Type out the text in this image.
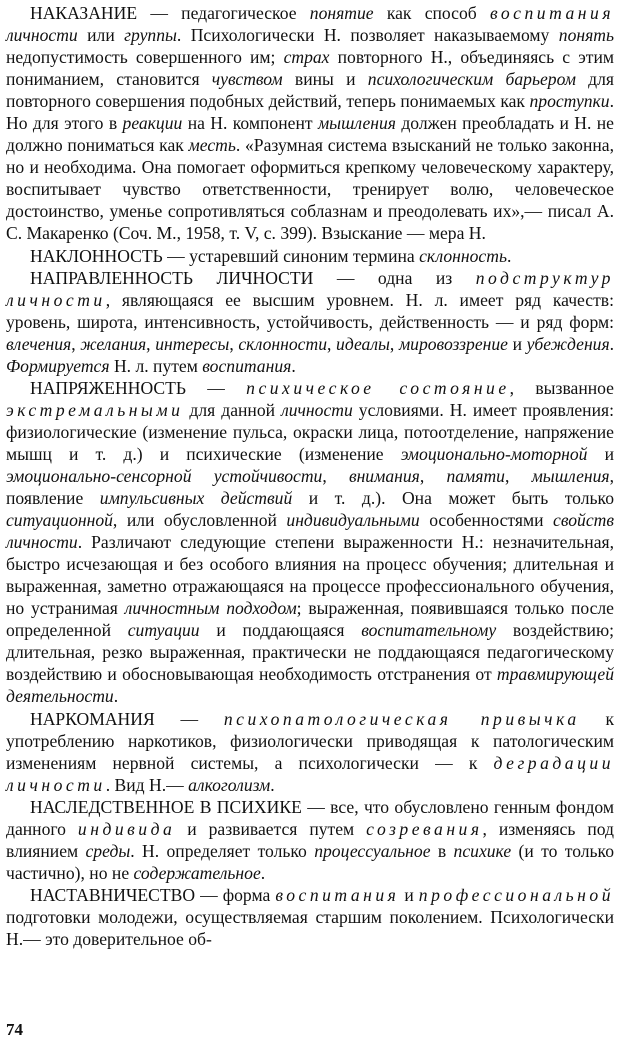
НАКАЗАНИЕ — педагогическое понятие как способ воспитания личности или группы. Психологически Н. позволяет наказываемому понять недопустимость совершенного им; страх повторного Н., объединяясь с этим пониманием, становится чувством вины и психологическим барьером для повторного совершения подобных действий, теперь понимаемых как проступки. Но для этого в реакции на Н. компонент мышления должен преобладать и Н. не должно пониматься как месть. «Разумная система взысканий не только законна, но и необходима. Она помогает оформиться крепкому человеческому характеру, воспитывает чувство ответственности, тренирует волю, человеческое достоинство, уменье сопротивляться соблазнам и преодолевать их»,— писал А. С. Макаренко (Соч. М., 1958, т. V, с. 399). Взыскание — мера Н.

НАКЛОННОСТЬ — устаревший синоним термина склонность.

НАПРАВЛЕННОСТЬ ЛИЧНОСТИ — одна из подструктур личности, являющаяся ее высшим уровнем. Н. л. имеет ряд качеств: уровень, широта, интенсивность, устойчивость, действенность — и ряд форм: влечения, желания, интересы, склонности, идеалы, мировоззрение и убеждения. Формируется Н. л. путем воспитания.

НАПРЯЖЕННОСТЬ — психическое состояние, вызванное экстремальными для данной личности условиями. Н. имеет проявления: физиологические (изменение пульса, окраски лица, потоотделение, напряжение мышц и т. д.) и психические (изменение эмоционально-моторной и эмоционально-сенсорной устойчивости, внимания, памяти, мышления, появление импульсивных действий и т. д.). Она может быть только ситуационной, или обусловленной индивидуальными особенностями свойств личности. Различают следующие степени выраженности Н.: незначительная, быстро исчезающая и без особого влияния на процесс обучения; длительная и выраженная, заметно отражающаяся на процессе профессионального обучения, но устранимая личностным подходом; выраженная, появившаяся только после определенной ситуации и поддающаяся воспитательному воздействию; длительная, резко выраженная, практически не поддающаяся педагогическому воздействию и обосновывающая необходимость отстранения от травмирующей деятельности.

НАРКОМАНИЯ — психопатологическая привычка к употреблению наркотиков, физиологически приводящая к патологическим изменениям нервной системы, а психологически — к деградации личности. Вид Н.— алкоголизм.

НАСЛЕДСТВЕННОЕ В ПСИХИКЕ — все, что обусловлено генным фондом данного индивида и развивается путем созревания, изменяясь под влиянием среды. Н. определяет только процессуальное в психике (и то только частично), но не содержательное.

НАСТАВНИЧЕСТВО — форма воспитания и профессиональной подготовки молодежи, осуществляемая старшим поколением. Психологически Н.— это доверительное об-

74
